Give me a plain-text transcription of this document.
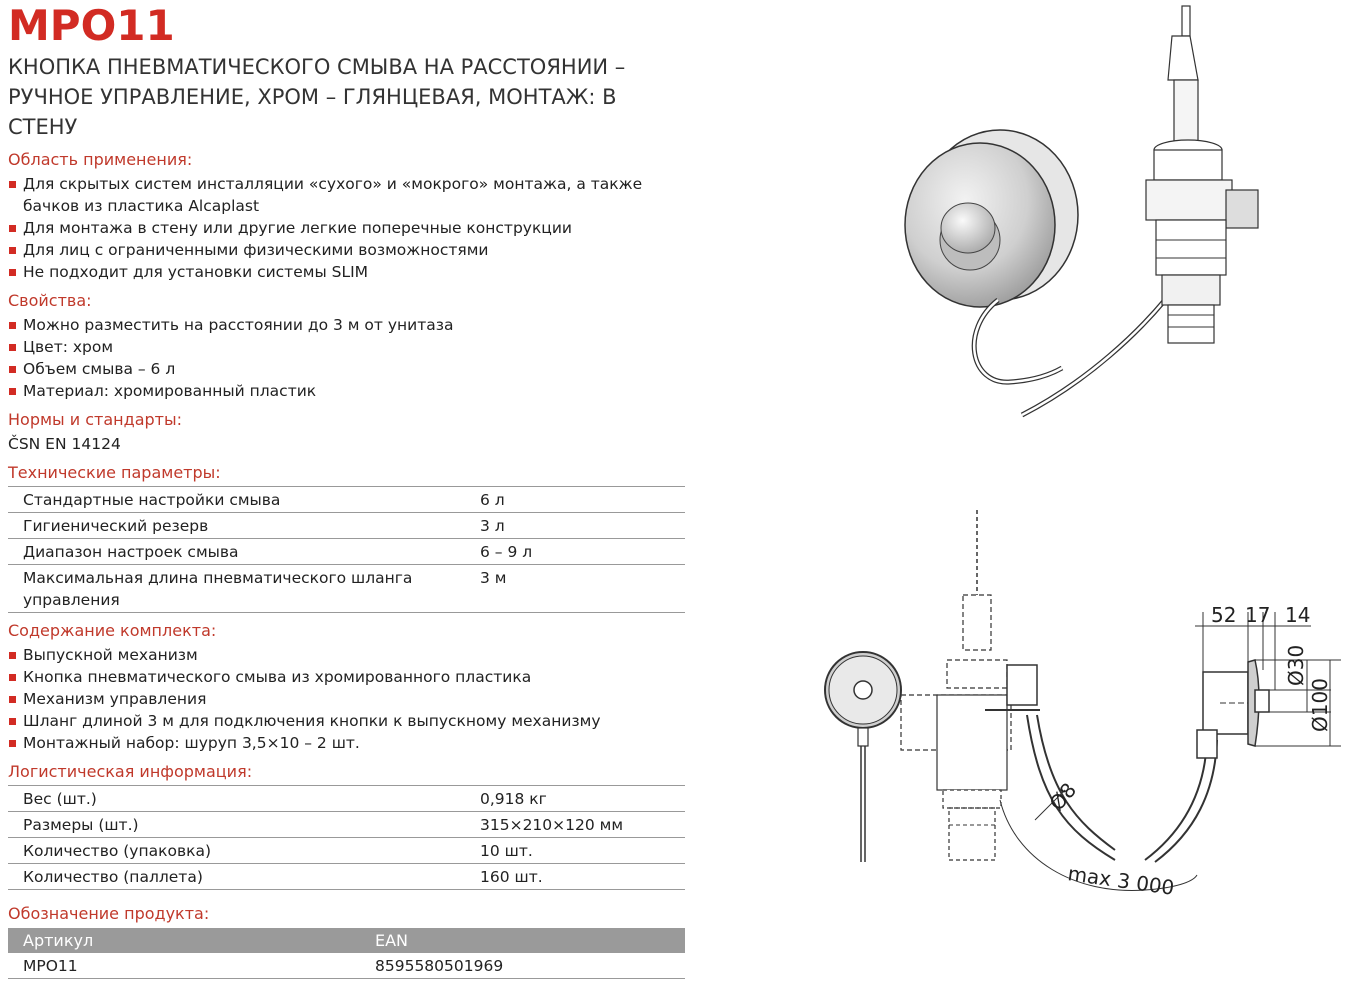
MPO11
КНОПКА ПНЕВМАТИЧЕСКОГО СМЫВА НА РАССТОЯНИИ – РУЧНОЕ УПРАВЛЕНИЕ, ХРОМ – ГЛЯНЦЕВАЯ, МОНТАЖ: В СТЕНУ
Область применения:
Для скрытых систем инсталляции «сухого» и «мокрого» монтажа, а также бачков из пластика Alcaplast
Для монтажа в стену или другие легкие поперечные конструкции
Для лиц с ограниченными физическими возможностями
Не подходит для установки системы SLIM
Свойства:
Можно разместить на расстоянии до 3 м от унитаза
Цвет: хром
Объем смыва – 6 л
Материал: хромированный пластик
Нормы и стандарты:
ČSN EN 14124
Технические параметры:
Стандартные настройки смыва	6 л
Гигиенический резерв	3 л
Диапазон настроек смыва	6 – 9 л
Максимальная длина пневматического шланга управления	3 м
Содержание комплекта:
Выпускной механизм
Кнопка пневматического смыва из хромированного пластика
Механизм управления
Шланг длиной 3 м для подключения кнопки к выпускному механизму
Монтажный набор: шуруп 3,5×10 – 2 шт.
Логистическая информация:
Вес (шт.)	0,918 кг
Размеры (шт.)	315×210×120 мм
Количество (упаковка)	10 шт.
Количество (паллета)	160 шт.
Обозначение продукта:
Артикул	EAN
MPO11	8595580501969
52 17 14
Ø30
Ø100
Ø8
max 3 000
